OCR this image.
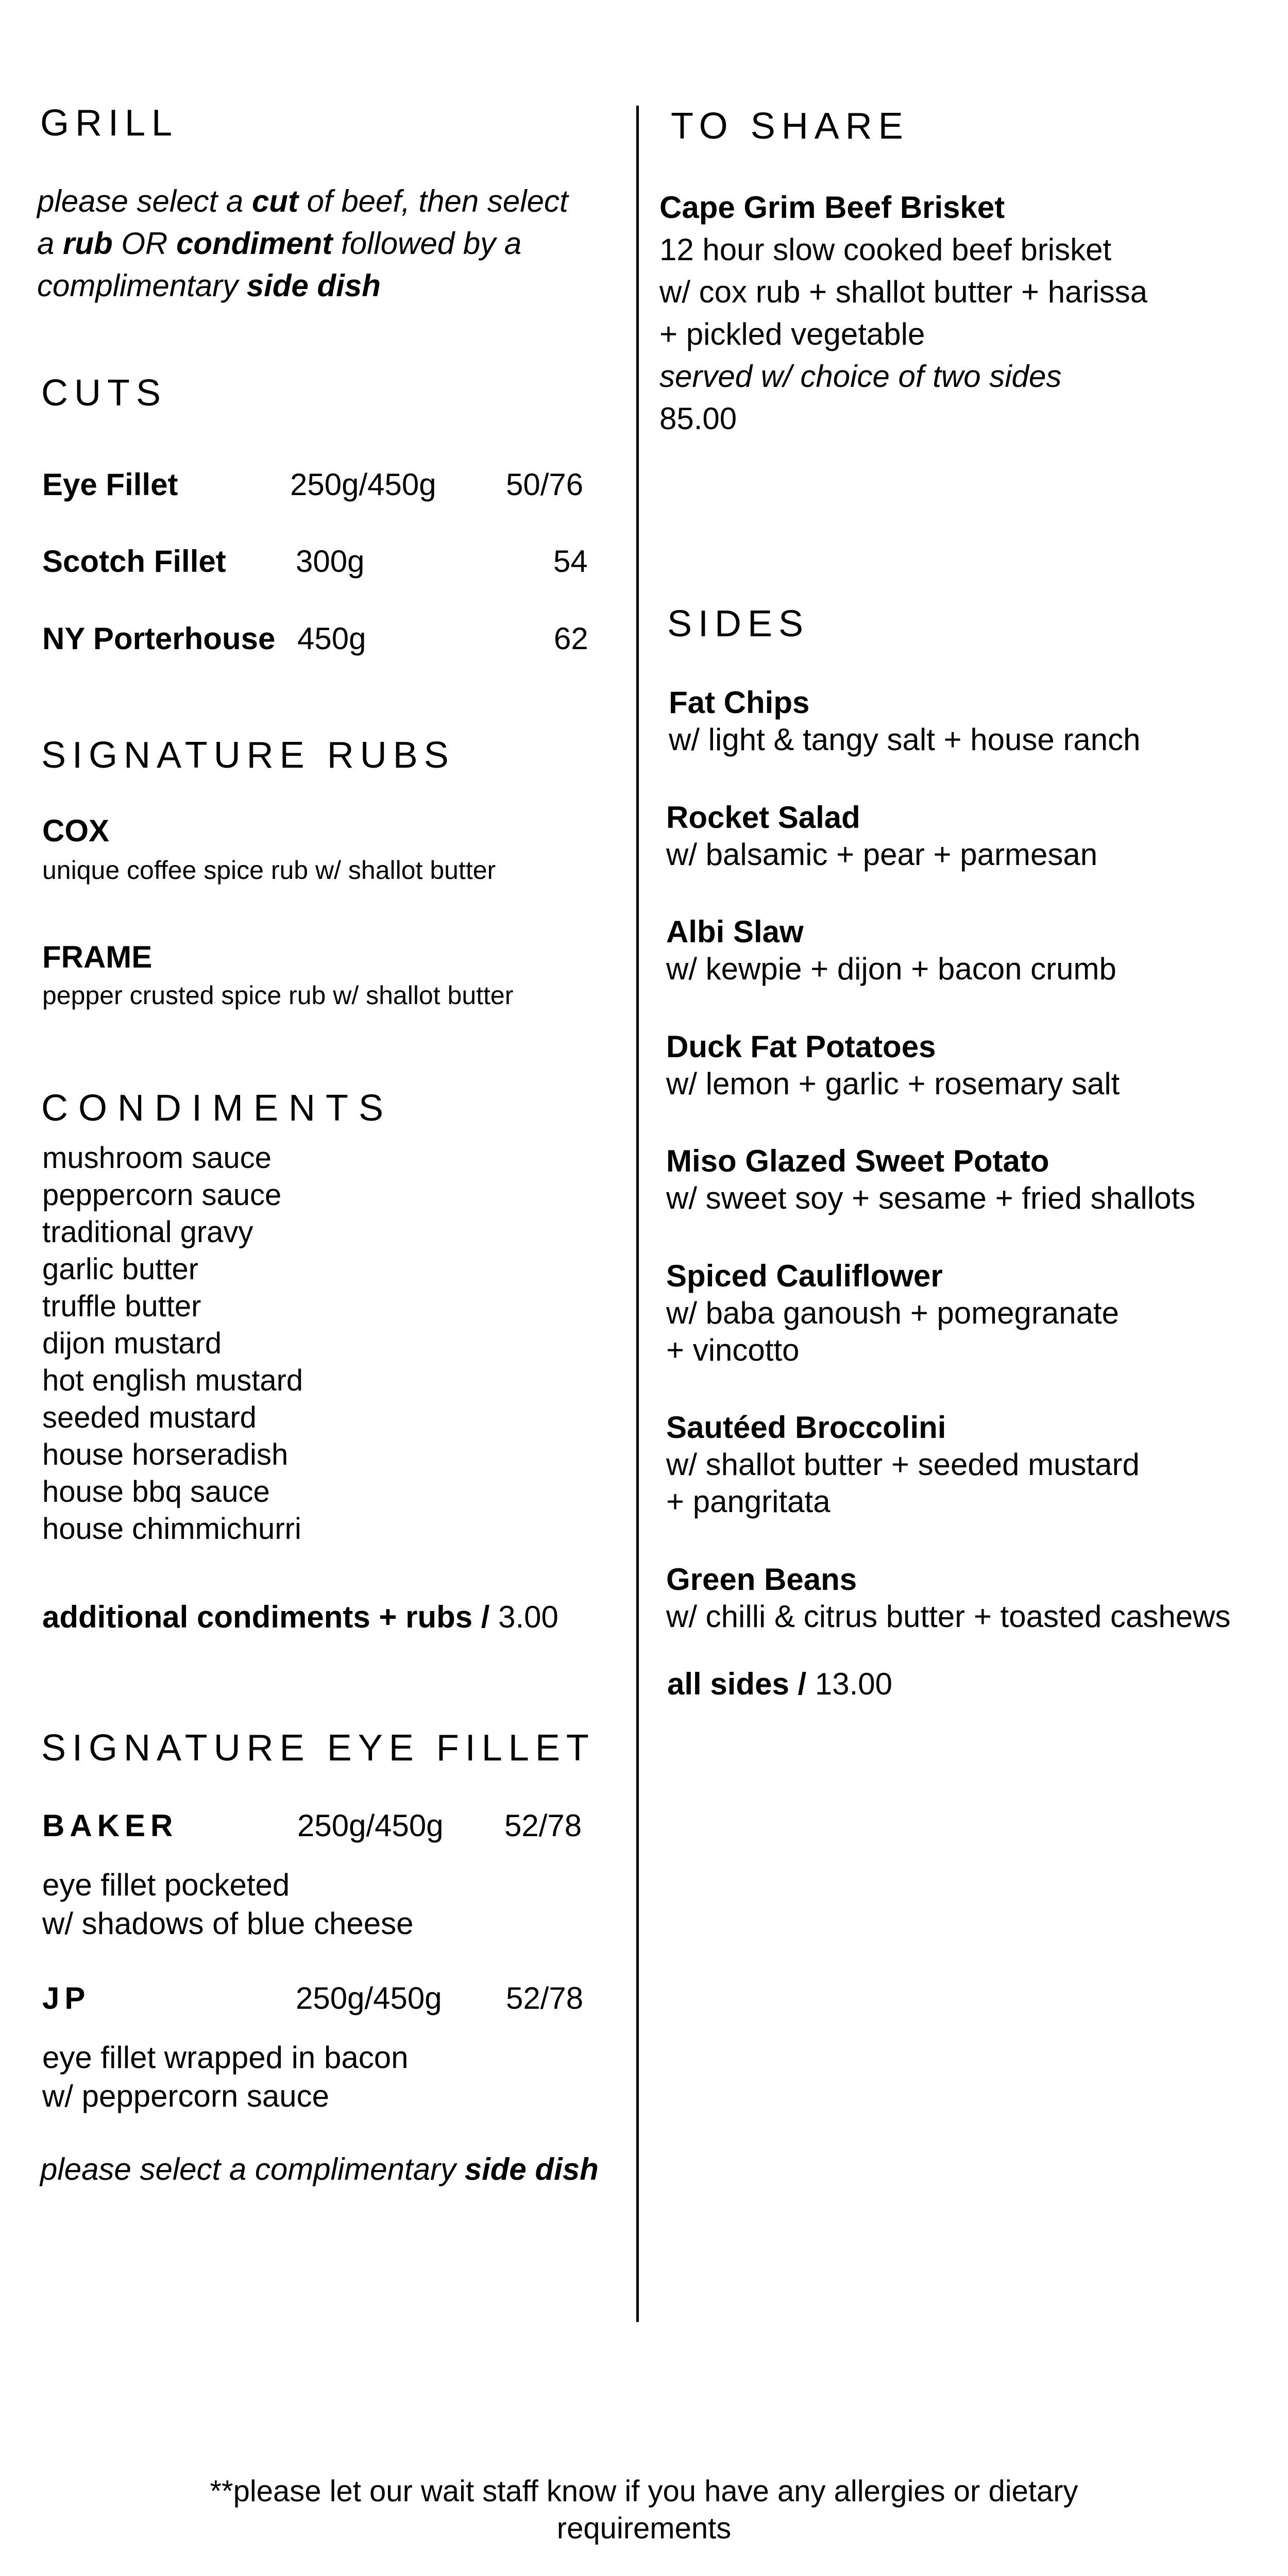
GRILL
please select a cut of beef, then select
a rub OR condiment followed by a
complimentary side dish
CUTS
Eye Fillet	250g/450g 50/76
Scotch Fillet 300g	54
NY Porterhouse 450g	62
SIGNATURE RUBS
COX
unique coffee spice rub w/ shallot butter
FRAME
pepper crusted spice rub w/ shallot butter
CONDIMENTS
mushroom sauce
peppercorn sauce
traditional gravy
garlic butter
truffle butter
dijon mustard
hot english mustard
seeded mustard
house horseradish
house bbq sauce
house chimmichurri
additional condiments + rubs / 3.00
SIGNATURE EYE FILLET
BAKER	250g/450g 52/78
eye fillet pocketed
w/ shadows of blue cheese
JP	250g/450g 52/78
eye fillet wrapped in bacon
w/ peppercorn sauce
please select a complimentary side dish
TO SHARE
Cape Grim Beef Brisket
12 hour slow cooked beef brisket
w/ cox rub + shallot butter + harissa
+ pickled vegetable
served w/ choice of two sides
85.00
SIDES
Fat Chips
w/ light & tangy salt + house ranch
Rocket Salad
w/ balsamic + pear + parmesan
Albi Slaw
w/ kewpie + dijon + bacon crumb
Duck Fat Potatoes
w/ lemon + garlic + rosemary salt
Miso Glazed Sweet Potato
w/ sweet soy + sesame + fried shallots
Spiced Cauliflower
w/ baba ganoush + pomegranate
+ vincotto
Sautéed Broccolini
w/ shallot butter + seeded mustard
+ pangritata
Green Beans
w/ chilli & citrus butter + toasted cashews
all sides / 13.00
**please let our wait staff know if you have any allergies or dietary
requirements
